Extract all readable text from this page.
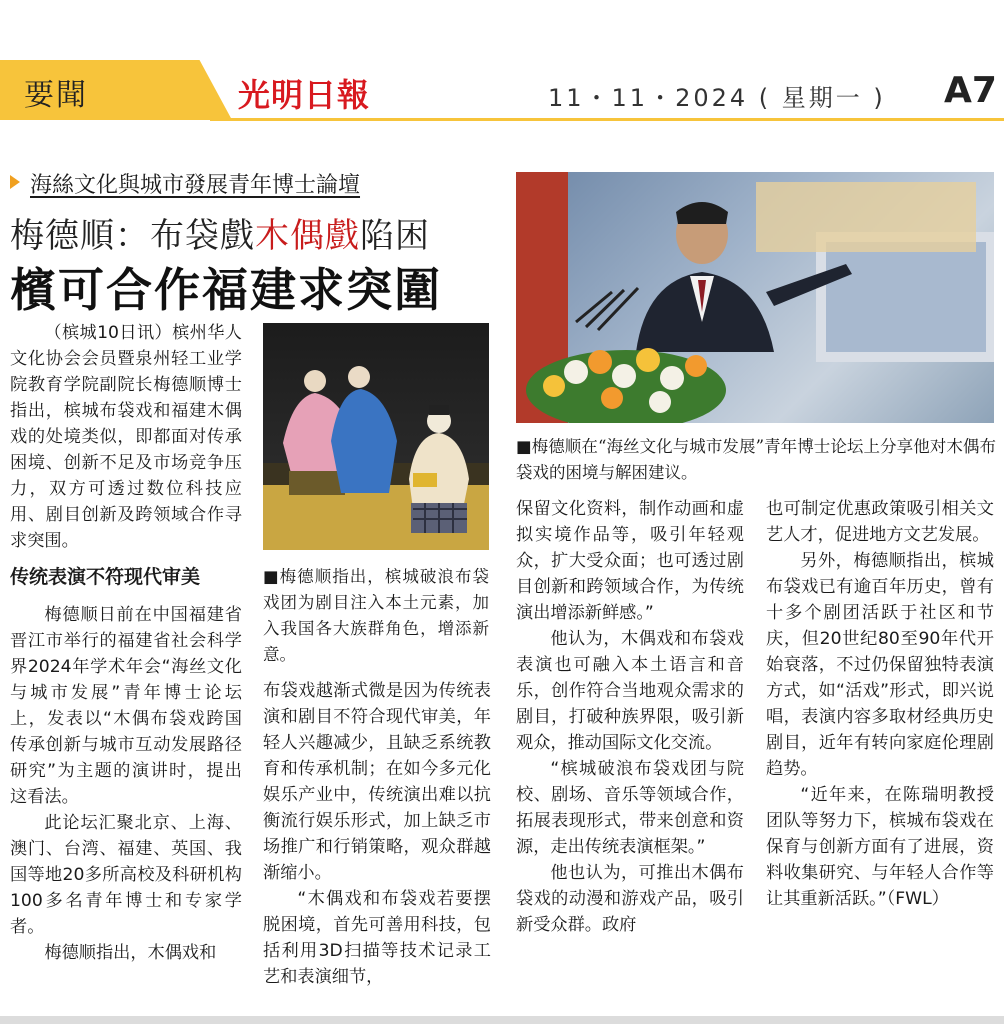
要聞	光明日報	11・11・2024 ( 星期一 ) A7
海絲文化與城市發展青年博士論壇
梅德順：布袋戲木偶戲陷困
檳可合作福建求突圍

（槟城10日讯）槟州华人文化协会会员暨泉州轻工业学院教育学院副院长梅德顺博士指出，槟城布袋戏和福建木偶戏的处境类似，即都面对传承困境、创新不足及市场竞争压力，双方可透过数位科技应用、剧目创新及跨领域合作寻求突围。

传统表演不符现代审美

梅德顺日前在中国福建省晋江市举行的福建省社会科学界2024年学术年会“海丝文化与城市发展”青年博士论坛上，发表以“木偶布袋戏跨国传承创新与城市互动发展路径研究”为主题的演讲时，提出这看法。

此论坛汇聚北京、上海、澳门、台湾、福建、英国、我国等地20多所高校及科研机构100多名青年博士和专家学者。

梅德顺指出，木偶戏和

■梅德顺指出，槟城破浪布袋戏团为剧目注入本土元素，加入我国各大族群角色，增添新意。

布袋戏越渐式微是因为传统表演和剧目不符合现代审美，年轻人兴趣减少，且缺乏系统教育和传承机制；在如今多元化娱乐产业中，传统演出难以抗衡流行娱乐形式，加上缺乏市场推广和行销策略，观众群越渐缩小。

“木偶戏和布袋戏若要摆脱困境，首先可善用科技，包括利用3D扫描等技术记录工艺和表演细节，

■梅德顺在“海丝文化与城市发展”青年博士论坛上分享他对木偶布袋戏的困境与解困建议。

保留文化资料，制作动画和虚拟实境作品等，吸引年轻观众，扩大受众面；也可透过剧目创新和跨领域合作，为传统演出增添新鲜感。”

他认为，木偶戏和布袋戏表演也可融入本土语言和音乐，创作符合当地观众需求的剧目，打破种族界限，吸引新观众，推动国际文化交流。

“槟城破浪布袋戏团与院校、剧场、音乐等领域合作，拓展表现形式，带来创意和资源，走出传统表演框架。”

他也认为，可推出木偶布袋戏的动漫和游戏产品，吸引新受众群。政府

也可制定优惠政策吸引相关文艺人才，促进地方文艺发展。

另外，梅德顺指出，槟城布袋戏已有逾百年历史，曾有十多个剧团活跃于社区和节庆，但20世纪80至90年代开始衰落，不过仍保留独特表演方式，如“活戏”形式，即兴说唱，表演内容多取材经典历史剧目，近年有转向家庭伦理剧趋势。

“近年来，在陈瑞明教授团队等努力下，槟城布袋戏在保育与创新方面有了进展，资料收集研究、与年轻人合作等让其重新活跃。”（FWL）
